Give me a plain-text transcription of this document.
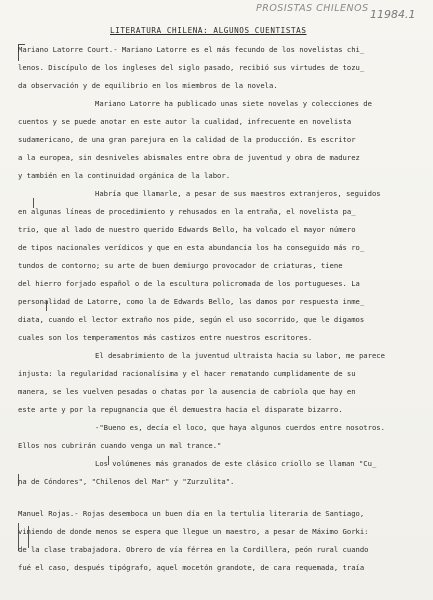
PROSISTAS CHILENOS 11984.1
LITERATURA CHILENA: ALGUNOS CUENTISTAS
Mariano Latorre Court.- Mariano Latorre es el más fecundo de los novelistas chi_
lenos. Discípulo de los ingleses del siglo pasado, recibió sus virtudes de tozu_
da observación y de equilibrio en los miembros de la novela.
Mariano Latorre ha publicado unas siete novelas y colecciones de
cuentos y se puede anotar en este autor la cualidad, infrecuente en novelista
sudamericano, de una gran parejura en la calidad de la producción. Es escritor
a la europea, sin desniveles abismales entre obra de juventud y obra de madurez
y también en la continuidad orgánica de la labor.
Habría que llamarle, a pesar de sus maestros extranjeros, seguidos
en algunas líneas de procedimiento y rehusados en la entraña, el novelista pa_
trio, que al lado de nuestro querido Edwards Bello, ha volcado el mayor número
de tipos nacionales verídicos y que en esta abundancia los ha conseguido más ro_
tundos de contorno; su arte de buen demiurgo provocador de criaturas, tiene
del hierro forjado español o de la escultura policromada de los portugueses. La
personalidad de Latorre, como la de Edwards Bello, las damos por respuesta inme_
diata, cuando el lector extraño nos pide, según el uso socorrido, que le digamos
cuales son los temperamentos más castizos entre nuestros escritores.
El desabrimiento de la juventud ultraista hacia su labor, me parece
injusta: la regularidad racionalísima y el hacer rematando cumplidamente de su
manera, se les vuelven pesadas o chatas por la ausencia de cabriola que hay en
este arte y por la repugnancia que él demuestra hacia el disparate bizarro.
-"Bueno es, decía el loco, que haya algunos cuerdos entre nosotros.
Ellos nos cubrirán cuando venga un mal trance."
Los volúmenes más granados de este clásico criollo se llaman "Cu_
na de Cóndores", "Chilenos del Mar" y "Zurzulita".
Manuel Rojas.- Rojas desemboca un buen día en la tertulia literaria de Santiago,
viniendo de donde menos se espera que llegue un maestro, a pesar de Máximo Gorki:
de la clase trabajadora. Obrero de vía férrea en la Cordillera, peón rural cuando
fué el caso, después tipógrafo, aquel mocetón grandote, de cara requemada, traía
